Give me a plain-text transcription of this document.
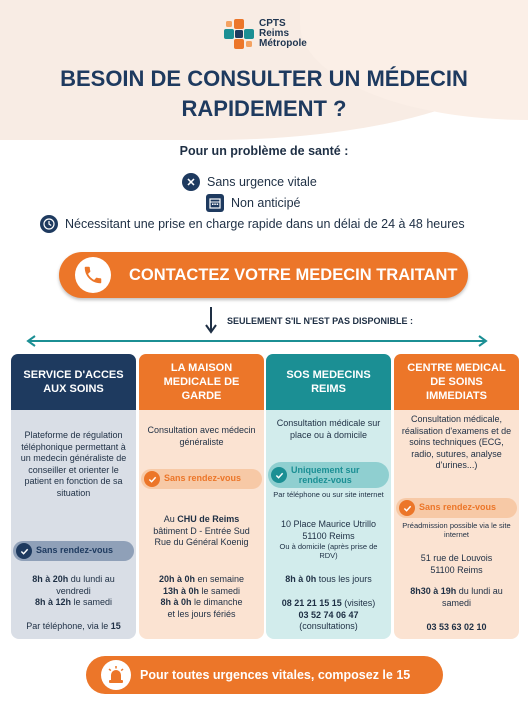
CPTS
Reims
Métropole
BESOIN DE CONSULTER UN MÉDECIN
RAPIDEMENT ?
Pour un problème de santé :
✕ Sans urgence vitale
Non anticipé
Nécessitant une prise en charge rapide dans un délai de 24 à 48 heures
CONTACTEZ VOTRE MEDECIN TRAITANT
SEULEMENT S'IL N'EST PAS DISPONIBLE :
SERVICE D'ACCES
AUX SOINS
Plateforme de régulation téléphonique permettant à un medecin généraliste de conseiller et orienter le patient en fonction de sa situation
Sans rendez-vous
8h à 20h du lundi au vendredi
8h à 12h le samedi
Par téléphone, via le 15
LA MAISON
MEDICALE DE
GARDE
Consultation avec médecin généraliste
Sans rendez-vous
Au CHU de Reims
bâtiment D - Entrée Sud
Rue du Général Koenig
20h à 0h en semaine
13h à 0h le samedi
8h à 0h le dimanche
et les jours fériés
SOS MEDECINS
REIMS
Consultation médicale sur place ou à domicile
Uniquement sur
rendez-vous
Par téléphone ou sur site internet
10 Place Maurice Utrillo
51100 Reims
Ou à domicile (après prise de RDV)
8h à 0h tous les jours
08 21 21 15 15 (visites)
03 52 74 06 47
(consultations)
CENTRE MEDICAL
DE SOINS
IMMEDIATS
Consultation médicale, réalisation d'examens et de soins techniques (ECG, radio, sutures, analyse d'urines...)
Sans rendez-vous
Préadmission possible via le site internet
51 rue de Louvois
51100 Reims
8h30 à 19h du lundi au samedi
03 53 63 02 10
Pour toutes urgences vitales, composez le 15
